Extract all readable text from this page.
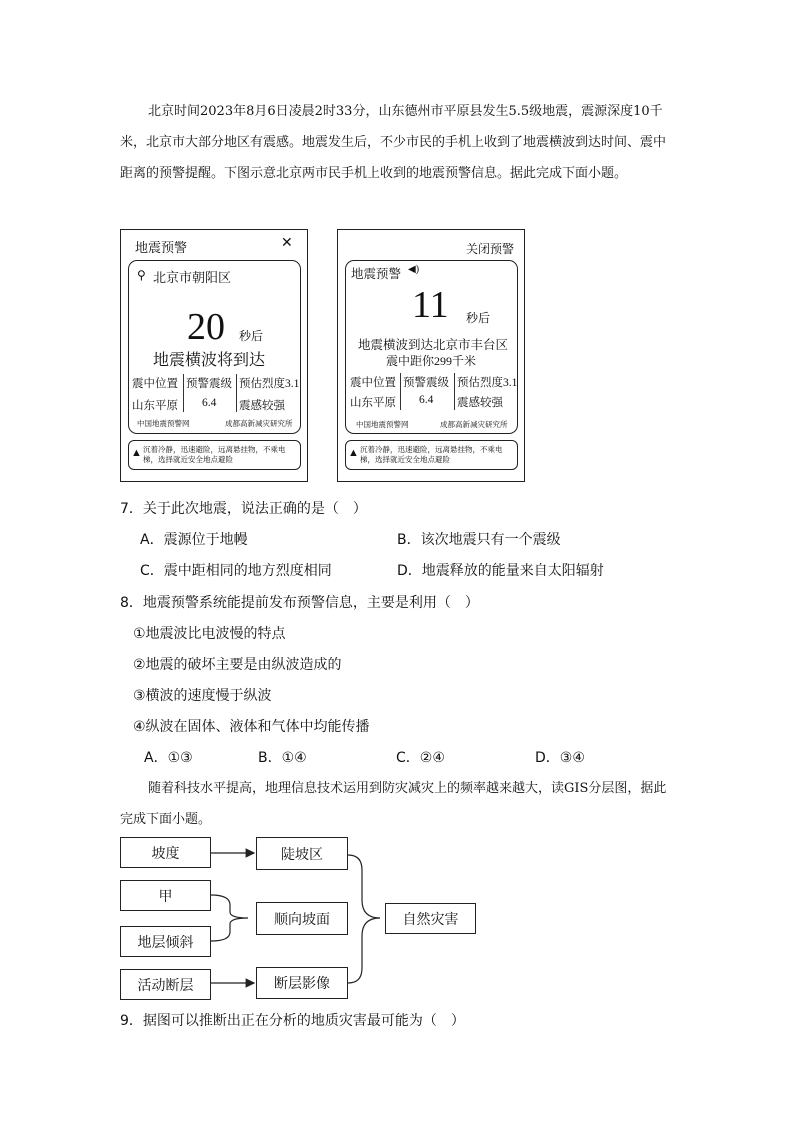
北京时间2023年8月6日凌晨2时33分，山东德州市平原县发生5.5级地震，震源深度10千米，北京市大部分地区有震感。地震发生后，不少市民的手机上收到了地震横波到达时间、震中距离的预警提醒。下图示意北京两市民手机上收到的地震预警信息。据此完成下面小题。

地震预警	✕
⚲ 北京市朝阳区
20 秒后
地震横波将到达
震中位置 预警震级 预估烈度3.1
山东平原 6.4 震感较强
中国地震预警网	成都高新减灾研究所
▲ 沉着冷静，迅速避险，远离悬挂物，不乘电梯，选择就近安全地点避险
关闭预警
地震预警 ◀)
11 秒后
地震横波到达北京市丰台区
震中距你299千米
震中位置 预警震级 预估烈度3.1
山东平原 6.4 震感较强
中国地震预警网	成都高新减灾研究所
▲ 沉着冷静，迅速避险，远离悬挂物，不乘电梯，选择就近安全地点避险
7．关于此次地震，说法正确的是（　）
A．震源位于地幔	B．该次地震只有一个震级
C．震中距相同的地方烈度相同	D．地震释放的能量来自太阳辐射
8．地震预警系统能提前发布预警信息，主要是利用（　）
①地震波比电波慢的特点
②地震的破坏主要是由纵波造成的
③横波的速度慢于纵波
④纵波在固体、液体和气体中均能传播
A．①③	B．①④	C．②④	D．③④

随着科技水平提高，地理信息技术运用到防灾减灾上的频率越来越大，读GIS分层图，据此完成下面小题。

坡度	陡坡区
甲
地层倾斜
顺向坡面
活动断层	断层影像
自然灾害
9．据图可以推断出正在分析的地质灾害最可能为（　）
